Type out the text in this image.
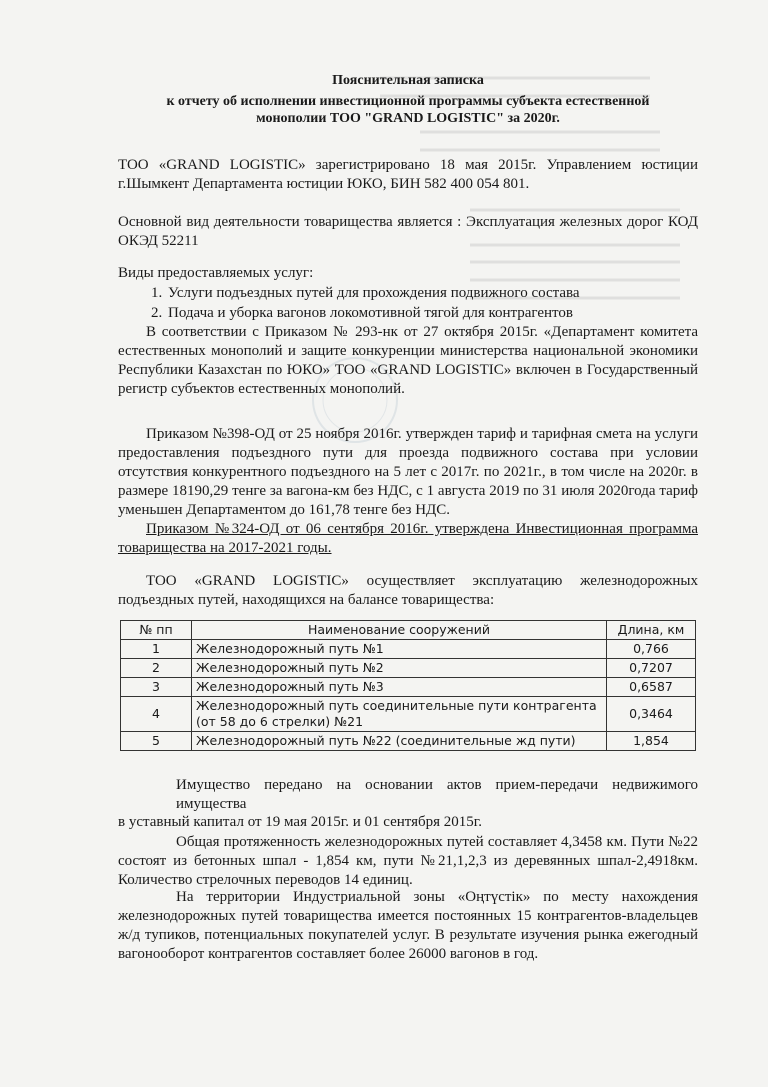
Пояснительная записка
к отчету об исполнении инвестиционной программы субъекта естественной
монополии ТОО "GRAND LOGISTIC" за 2020г.
ТОО «GRAND LOGISTIC» зарегистрировано 18 мая 2015г. Управлением юстиции г.Шымкент Департамента юстиции ЮКО, БИН 582 400 054 801.
Основной вид деятельности товарищества является : Эксплуатация железных дорог КОД ОКЭД 52211
Виды предоставляемых услуг:
1. Услуги подъездных путей для прохождения подвижного состава
2. Подача и уборка вагонов локомотивной тягой для контрагентов
В соответствии с Приказом № 293-нк от 27 октября 2015г. «Департамент комитета естественных монополий и защите конкуренции министерства национальной экономики Республики Казахстан по ЮКО» ТОО «GRAND LOGISTIC» включен в Государственный регистр субъектов естественных монополий.
Приказом №398-ОД от 25 ноября 2016г. утвержден тариф и тарифная смета на услуги предоставления подъездного пути для проезда подвижного состава при условии отсутствия конкурентного подъездного на 5 лет с 2017г. по 2021г., в том числе на 2020г. в размере 18190,29 тенге за вагона-км без НДС, с 1 августа 2019 по 31 июля 2020года тариф уменьшен Департаментом до 161,78 тенге без НДС.
Приказом №324-ОД от 06 сентября 2016г. утверждена Инвестиционная программа товарищества на 2017-2021 годы.
ТОО «GRAND LOGISTIC» осуществляет эксплуатацию железнодорожных подъездных путей, находящихся на балансе товарищества:
№ пп	Наименование сооружений	Длина, км
1	Железнодорожный путь №1	0,766
2	Железнодорожный путь №2	0,7207
3	Железнодорожный путь №3	0,6587
4	Железнодорожный путь соединительные пути контрагента (от 58 до 6 стрелки) №21	0,3464
5	Железнодорожный путь №22 (соединительные жд пути)	1,854
Имущество передано на основании актов прием-передачи недвижимого имущества
в уставный капитал от 19 мая 2015г. и 01 сентября 2015г.
Общая протяженность железнодорожных путей составляет 4,3458 км. Пути №22 состоят из бетонных шпал - 1,854 км, пути №21,1,2,3 из деревянных шпал-2,4918км. Количество стрелочных переводов 14 единиц.
На территории Индустриальной зоны «Оңтүстік» по месту нахождения железнодорожных путей товарищества имеется постоянных 15 контрагентов-владельцев ж/д тупиков, потенциальных покупателей услуг. В результате изучения рынка ежегодный вагонооборот контрагентов составляет более 26000 вагонов в год.
